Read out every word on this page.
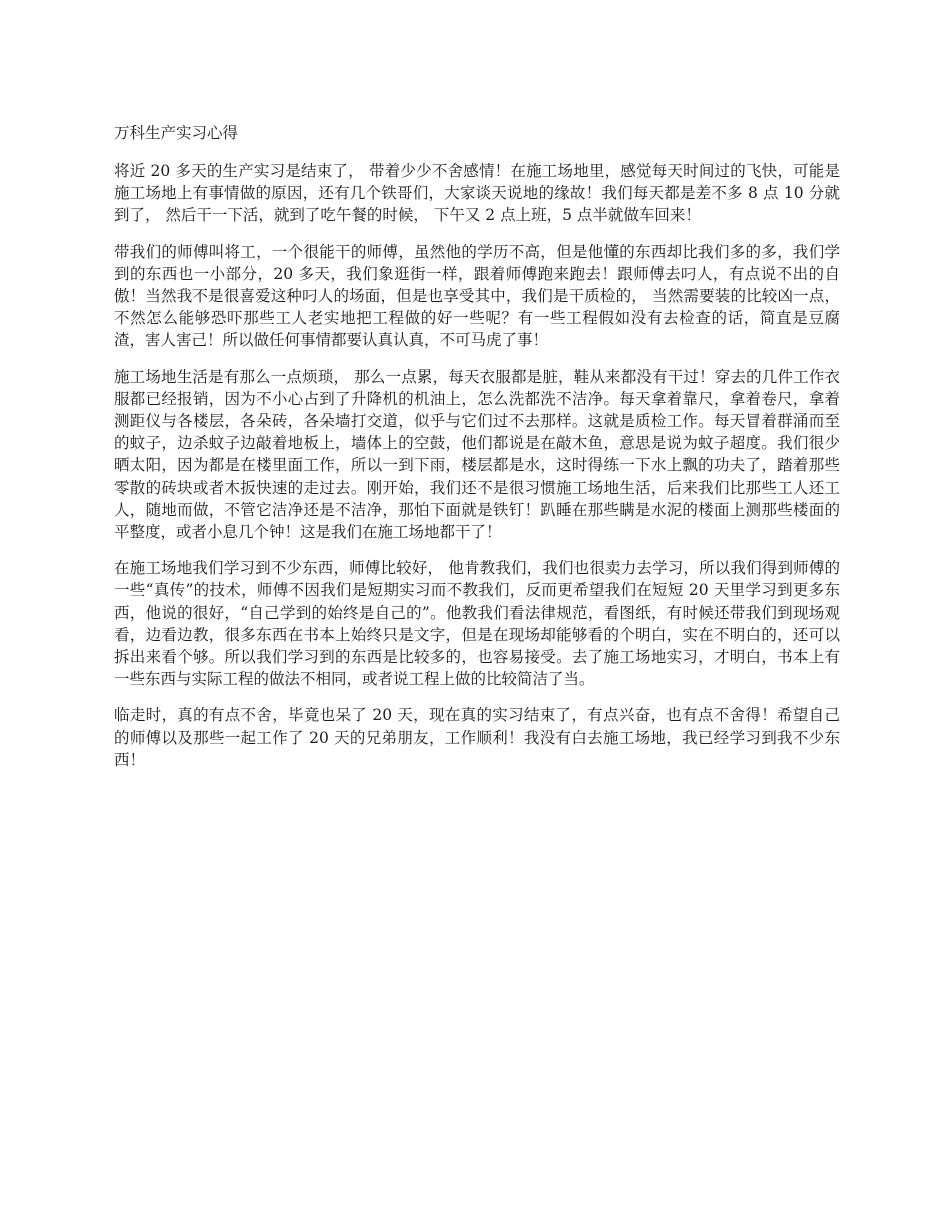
万科生产实习心得

将近 20 多天的生产实习是结束了， 带着少少不舍感情！在施工场地里，感觉每天时间过的飞快，可能是施工场地上有事情做的原因，还有几个铁哥们，大家谈天说地的缘故！我们每天都是差不多 8 点 10 分就到了， 然后干一下活，就到了吃午餐的时候， 下午又 2 点上班，5 点半就做车回来！

带我们的师傅叫将工，一个很能干的师傅，虽然他的学历不高，但是他懂的东西却比我们多的多，我们学到的东西也一小部分，20 多天，我们象逛街一样，跟着师傅跑来跑去！跟师傅去叼人，有点说不出的自傲！当然我不是很喜爱这种叼人的场面，但是也享受其中，我们是干质检的， 当然需要装的比较凶一点，不然怎么能够恐吓那些工人老实地把工程做的好一些呢？有一些工程假如没有去检查的话，简直是豆腐渣，害人害己！所以做任何事情都要认真认真，不可马虎了事！

施工场地生活是有那么一点烦琐， 那么一点累，每天衣服都是脏，鞋从来都没有干过！穿去的几件工作衣服都已经报销，因为不小心占到了升降机的机油上，怎么洗都洗不洁净。每天拿着靠尺，拿着卷尺，拿着测距仪与各楼层，各朵砖，各朵墙打交道，似乎与它们过不去那样。这就是质检工作。每天冒着群涌而至的蚊子，边杀蚊子边敲着地板上，墙体上的空鼓，他们都说是在敲木鱼，意思是说为蚊子超度。我们很少晒太阳，因为都是在楼里面工作，所以一到下雨，楼层都是水，这时得练一下水上飘的功夫了，踏着那些零散的砖块或者木扳快速的走过去。刚开始，我们还不是很习惯施工场地生活，后来我们比那些工人还工人，随地而做，不管它洁净还是不洁净，那怕下面就是铁钉！趴睡在那些瞒是水泥的楼面上测那些楼面的平整度，或者小息几个钟！这是我们在施工场地都干了！

在施工场地我们学习到不少东西，师傅比较好， 他肯教我们，我们也很卖力去学习，所以我们得到师傅的一些“真传”的技术，师傅不因我们是短期实习而不教我们，反而更希望我们在短短 20 天里学习到更多东西，他说的很好，“自己学到的始终是自己的”。他教我们看法律规范，看图纸，有时候还带我们到现场观看，边看边教，很多东西在书本上始终只是文字，但是在现场却能够看的个明白，实在不明白的，还可以拆出来看个够。所以我们学习到的东西是比较多的，也容易接受。去了施工场地实习，才明白，书本上有一些东西与实际工程的做法不相同，或者说工程上做的比较简洁了当。

临走时，真的有点不舍，毕竟也呆了 20 天，现在真的实习结束了，有点兴奋，也有点不舍得！希望自己的师傅以及那些一起工作了 20 天的兄弟朋友，工作顺利！我没有白去施工场地，我已经学习到我不少东西！
